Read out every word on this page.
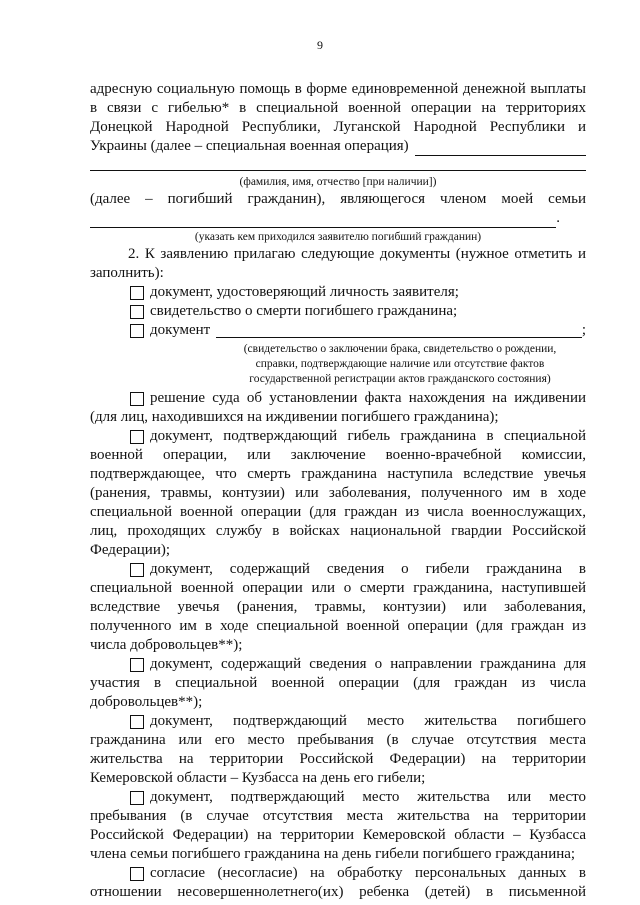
9
адресную социальную помощь в форме единовременной денежной выплаты
в связи с гибелью* в специальной военной операции на территориях
Донецкой Народной Республики, Луганской Народной Республики и
Украины (далее – специальная военная операция)
(фамилия, имя, отчество [при наличии])
(далее – погибший гражданин), являющегося членом моей семьи
.
(указать кем приходился заявителю погибший гражданин)
2. К заявлению прилагаю следующие документы (нужное отметить и
заполнить):
документ, удостоверяющий личность заявителя;
свидетельство о смерти погибшего гражданина;
документ	;
(свидетельство о заключении брака, свидетельство о рождении,
справки, подтверждающие наличие или отсутствие фактов
государственной регистрации актов гражданского состояния)
решение суда об установлении факта нахождения на иждивении
(для лиц, находившихся на иждивении погибшего гражданина);
документ, подтверждающий гибель гражданина в специальной
военной операции, или заключение военно-врачебной комиссии,
подтверждающее, что смерть гражданина наступила вследствие увечья
(ранения, травмы, контузии) или заболевания, полученного им в ходе
специальной военной операции (для граждан из числа военнослужащих,
лиц, проходящих службу в войсках национальной гвардии Российской
Федерации);
документ, содержащий сведения о гибели гражданина в
специальной военной операции или о смерти гражданина, наступившей
вследствие увечья (ранения, травмы, контузии) или заболевания,
полученного им в ходе специальной военной операции (для граждан из
числа добровольцев**);
документ, содержащий сведения о направлении гражданина для
участия в специальной военной операции (для граждан из числа
добровольцев**);
документ, подтверждающий место жительства погибшего
гражданина или его место пребывания (в случае отсутствия места
жительства на территории Российской Федерации) на территории
Кемеровской области – Кузбасса на день его гибели;
документ, подтверждающий место жительства или место
пребывания (в случае отсутствия места жительства на территории
Российской Федерации) на территории Кемеровской области – Кузбасса
члена семьи погибшего гражданина на день гибели погибшего гражданина;
согласие (несогласие) на обработку персональных данных в
отношении несовершеннолетнего(их) ребенка (детей) в письменной
